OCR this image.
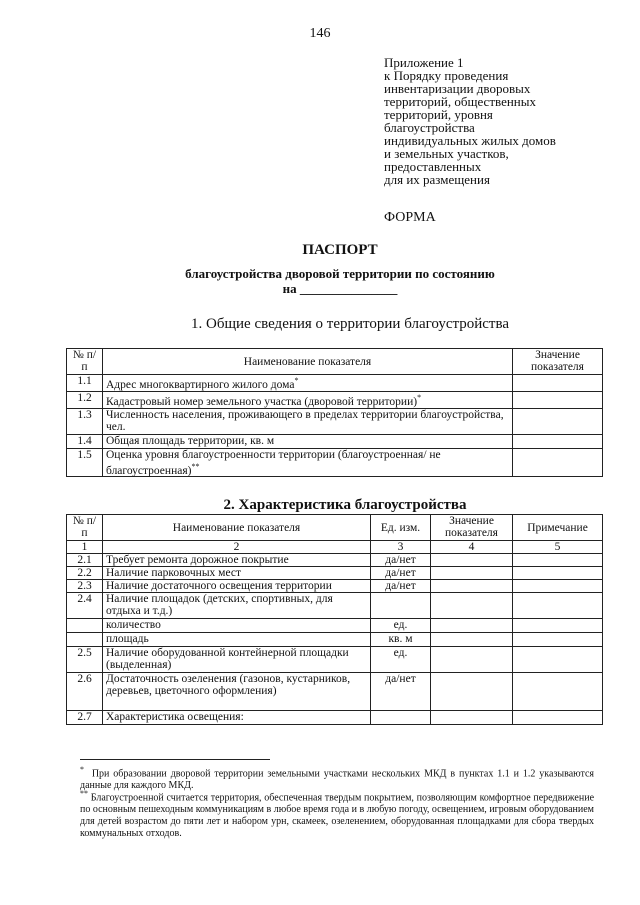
146
Приложение 1
к Порядку проведения
инвентаризации дворовых
территорий, общественных
территорий, уровня
благоустройства
индивидуальных жилых домов
и земельных участков,
предоставленных
для их размещения
ФОРМА
ПАСПОРТ
благоустройства дворовой территории по состоянию
на _______________
1. Общие сведения о территории благоустройства
№ п/п	Наименование показателя	Значение показателя
1.1	Адрес многоквартирного жилого дома*	
1.2	Кадастровый номер земельного участка (дворовой территории)*	
1.3	Численность населения, проживающего в пределах территории благоустройства, чел.	
1.4	Общая площадь территории, кв. м	
1.5	Оценка уровня благоустроенности территории (благоустроенная/ не благоустроенная)**	
2. Характеристика благоустройства
№ п/п	Наименование показателя	Ед. изм.	Значение показателя	Примечание
1	2	3	4	5
2.1	Требует ремонта дорожное покрытие	да/нет		
2.2	Наличие парковочных мест	да/нет		
2.3	Наличие достаточного освещения территории	да/нет		
2.4	Наличие площадок (детских, спортивных, для отдыха и т.д.)			
	количество	ед.		
	площадь	кв. м		
2.5	Наличие оборудованной контейнерной площадки (выделенная)	ед.		
2.6	Достаточность озеленения (газонов, кустарников, деревьев, цветочного оформления)	да/нет		
2.7	Характеристика освещения:			
* При образовании дворовой территории земельными участками нескольких МКД в пунктах 1.1 и 1.2 указываются данные для каждого МКД.
** Благоустроенной считается территория, обеспеченная твердым покрытием, позволяющим комфортное передвижение по основным пешеходным коммуникациям в любое время года и в любую погоду, освещением, игровым оборудованием для детей возрастом до пяти лет и набором урн, скамеек, озеленением, оборудованная площадками для сбора твердых коммунальных отходов.
